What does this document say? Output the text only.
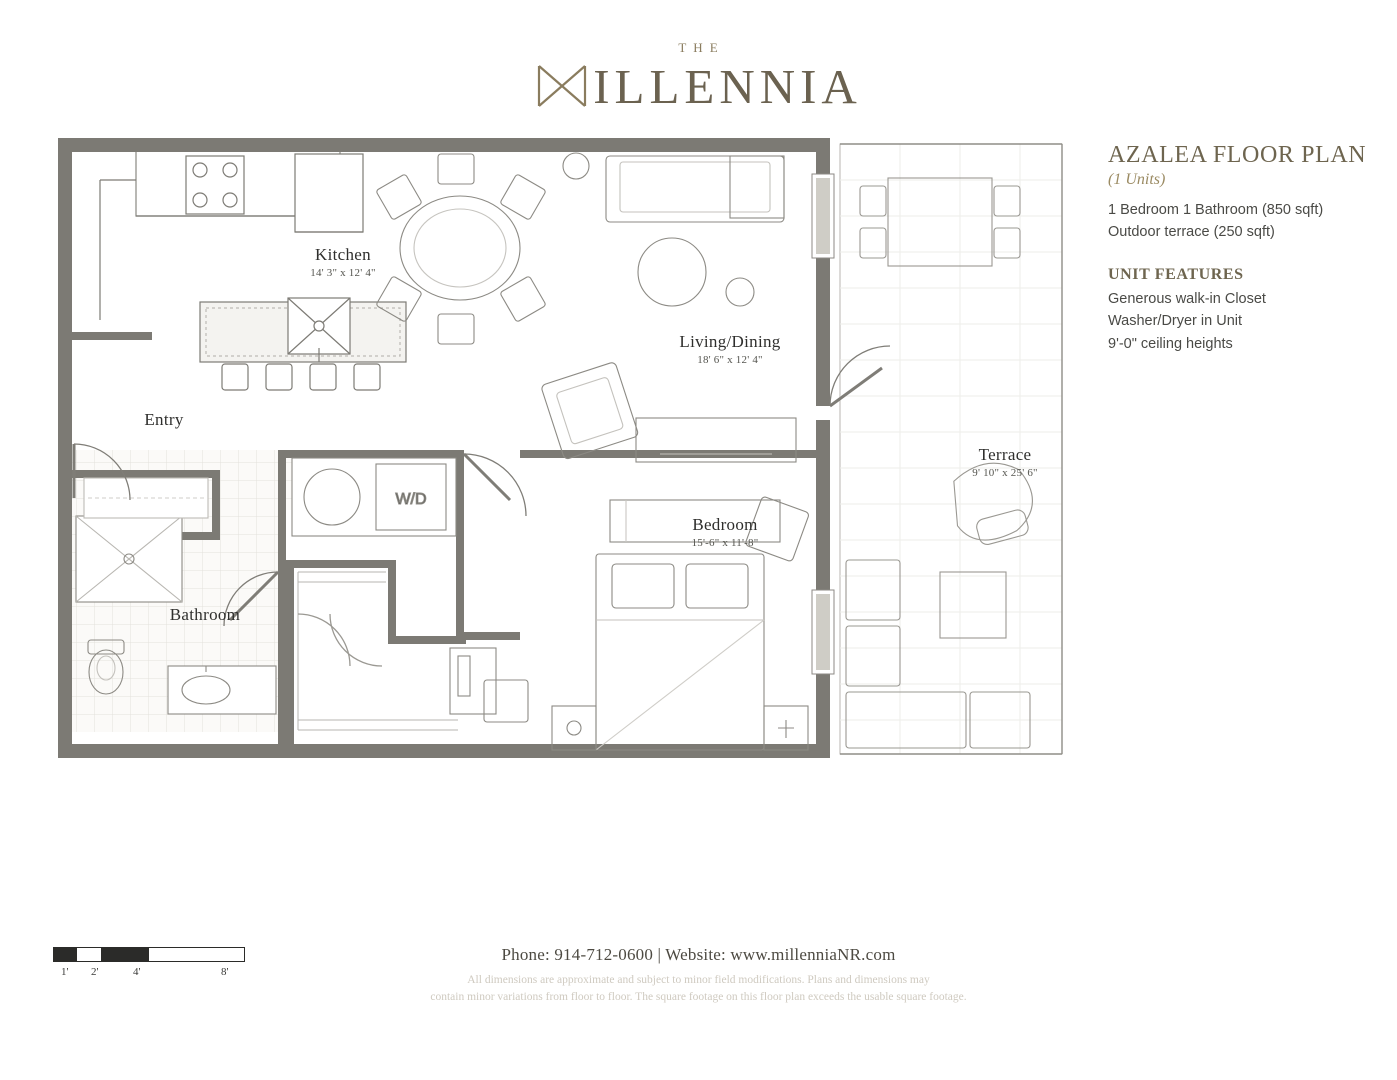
THE
ILLENNIA
AZALEA FLOOR PLAN
(1 Units)
1 Bedroom 1 Bathroom (850 sqft)
Outdoor terrace (250 sqft)
UNIT FEATURES
Generous walk-in Closet
Washer/Dryer in Unit
9'-0" ceiling heights
W/D
Kitchen
14' 3" x 12' 4"
Living/Dining
18' 6" x 12' 4"
Entry
Bathroom
Bedroom
15'-6" x 11'-8"
Terrace
9' 10" x 25' 6"
1' 2'	4'	8'
Phone: 914-712-0600 | Website: www.millenniaNR.com
All dimensions are approximate and subject to minor field modifications. Plans and dimensions may
contain minor variations from floor to floor. The square footage on this floor plan exceeds the usable square footage.
